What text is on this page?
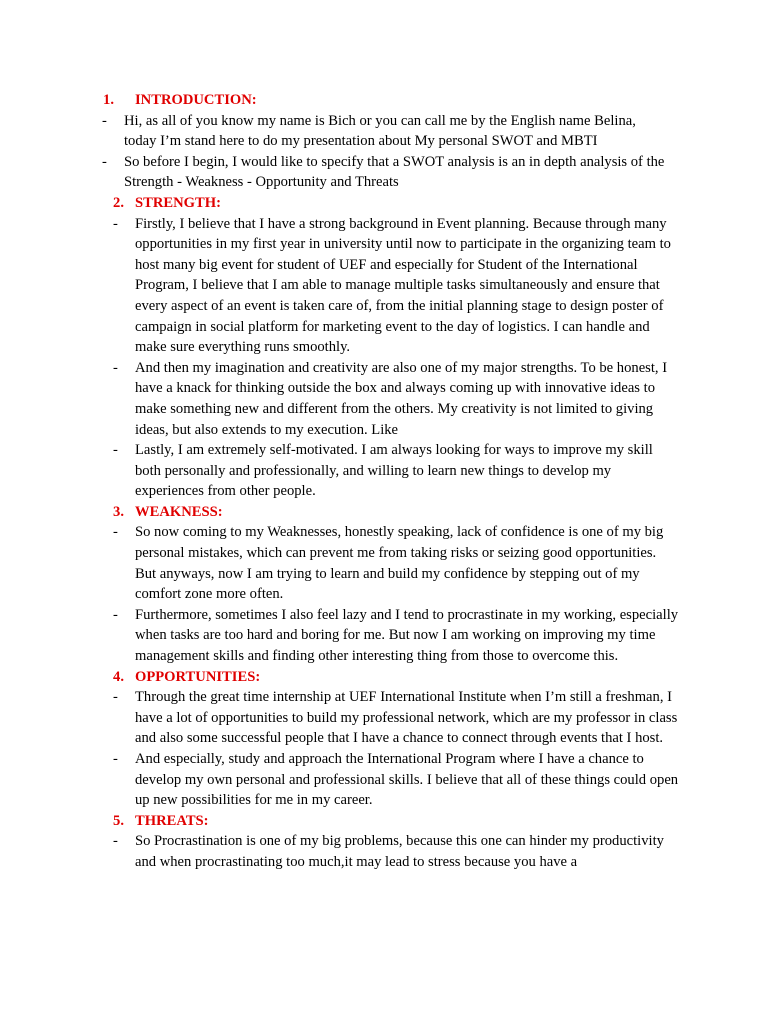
1. INTRODUCTION:
- Hi, as all of you know my name is Bich or you can call me by the English name Belina, today I’m stand here to do my presentation about My personal SWOT and MBTI
- So before I begin, I would like to specify that a SWOT analysis is an in depth analysis of the Strength - Weakness - Opportunity and Threats
2. STRENGTH:
- Firstly, I believe that I have a strong background in Event planning. Because through many opportunities in my first year in university until now to participate in the organizing team to host many big event for student of UEF and especially for Student of the International Program, I believe that I am able to manage multiple tasks simultaneously and ensure that every aspect of an event is taken care of, from the initial planning stage to design poster of campaign in social platform for marketing event to the day of logistics. I can handle and make sure everything runs smoothly.
- And then my imagination and creativity are also one of my major strengths. To be honest, I have a knack for thinking outside the box and always coming up with innovative ideas to make something new and different from the others. My creativity is not limited to giving ideas, but also extends to my execution. Like
- Lastly, I am extremely self-motivated. I am always looking for ways to improve my skill both personally and professionally, and willing to learn new things to develop my experiences from other people.
3. WEAKNESS:
- So now coming to my Weaknesses, honestly speaking, lack of confidence is one of my big personal mistakes, which can prevent me from taking risks or seizing good opportunities. But anyways, now I am trying to learn and build my confidence by stepping out of my comfort zone more often.
- Furthermore, sometimes I also feel lazy and I tend to procrastinate in my working, especially when tasks are too hard and boring for me. But now I am working on improving my time management skills and finding other interesting thing from those to overcome this.
4. OPPORTUNITIES:
- Through the great time internship at UEF International Institute when I’m still a freshman, I have a lot of opportunities to build my professional network, which are my professor in class and also some successful people that I have a chance to connect through events that I host.
- And especially, study and approach the International Program where I have a chance to develop my own personal and professional skills. I believe that all of these things could open up new possibilities for me in my career.
5. THREATS:
- So Procrastination is one of my big problems, because this one can hinder my productivity and when procrastinating too much,it may lead to stress because you have a
